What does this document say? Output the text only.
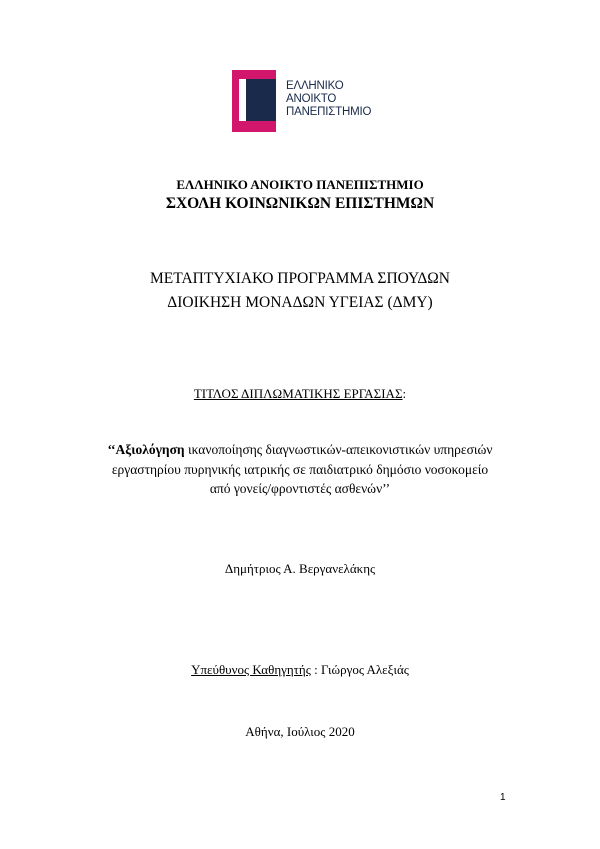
ΕΛΛΗΝΙΚΟ
ΑΝΟΙΚΤΟ
ΠΑΝΕΠΙΣΤΗΜΙΟ
ΕΛΛΗΝΙΚΟ ΑΝΟΙΚΤΟ ΠΑΝΕΠΙΣΤΗΜΙΟ
ΣΧΟΛΗ ΚΟΙΝΩΝΙΚΩΝ ΕΠΙΣΤΗΜΩΝ
ΜΕΤΑΠΤΥΧΙΑΚΟ ΠΡΟΓΡΑΜΜΑ ΣΠΟΥΔΩΝ
ΔΙΟΙΚΗΣΗ ΜΟΝΑΔΩΝ ΥΓΕΙΑΣ (ΔΜΥ)
ΤΙΤΛΟΣ ΔΙΠΛΩΜΑΤΙΚΗΣ ΕΡΓΑΣΙΑΣ:
‘‘Αξιολόγηση ικανοποίησης διαγνωστικών-απεικονιστικών υπηρεσιών
εργαστηρίου πυρηνικής ιατρικής σε παιδιατρικό δημόσιο νοσοκομείο
από γονείς/φροντιστές ασθενών’’
Δημήτριος Α. Βεργανελάκης
Υπεύθυνος Καθηγητής : Γιώργος Αλεξιάς
Αθήνα, Ιούλιος 2020
1
